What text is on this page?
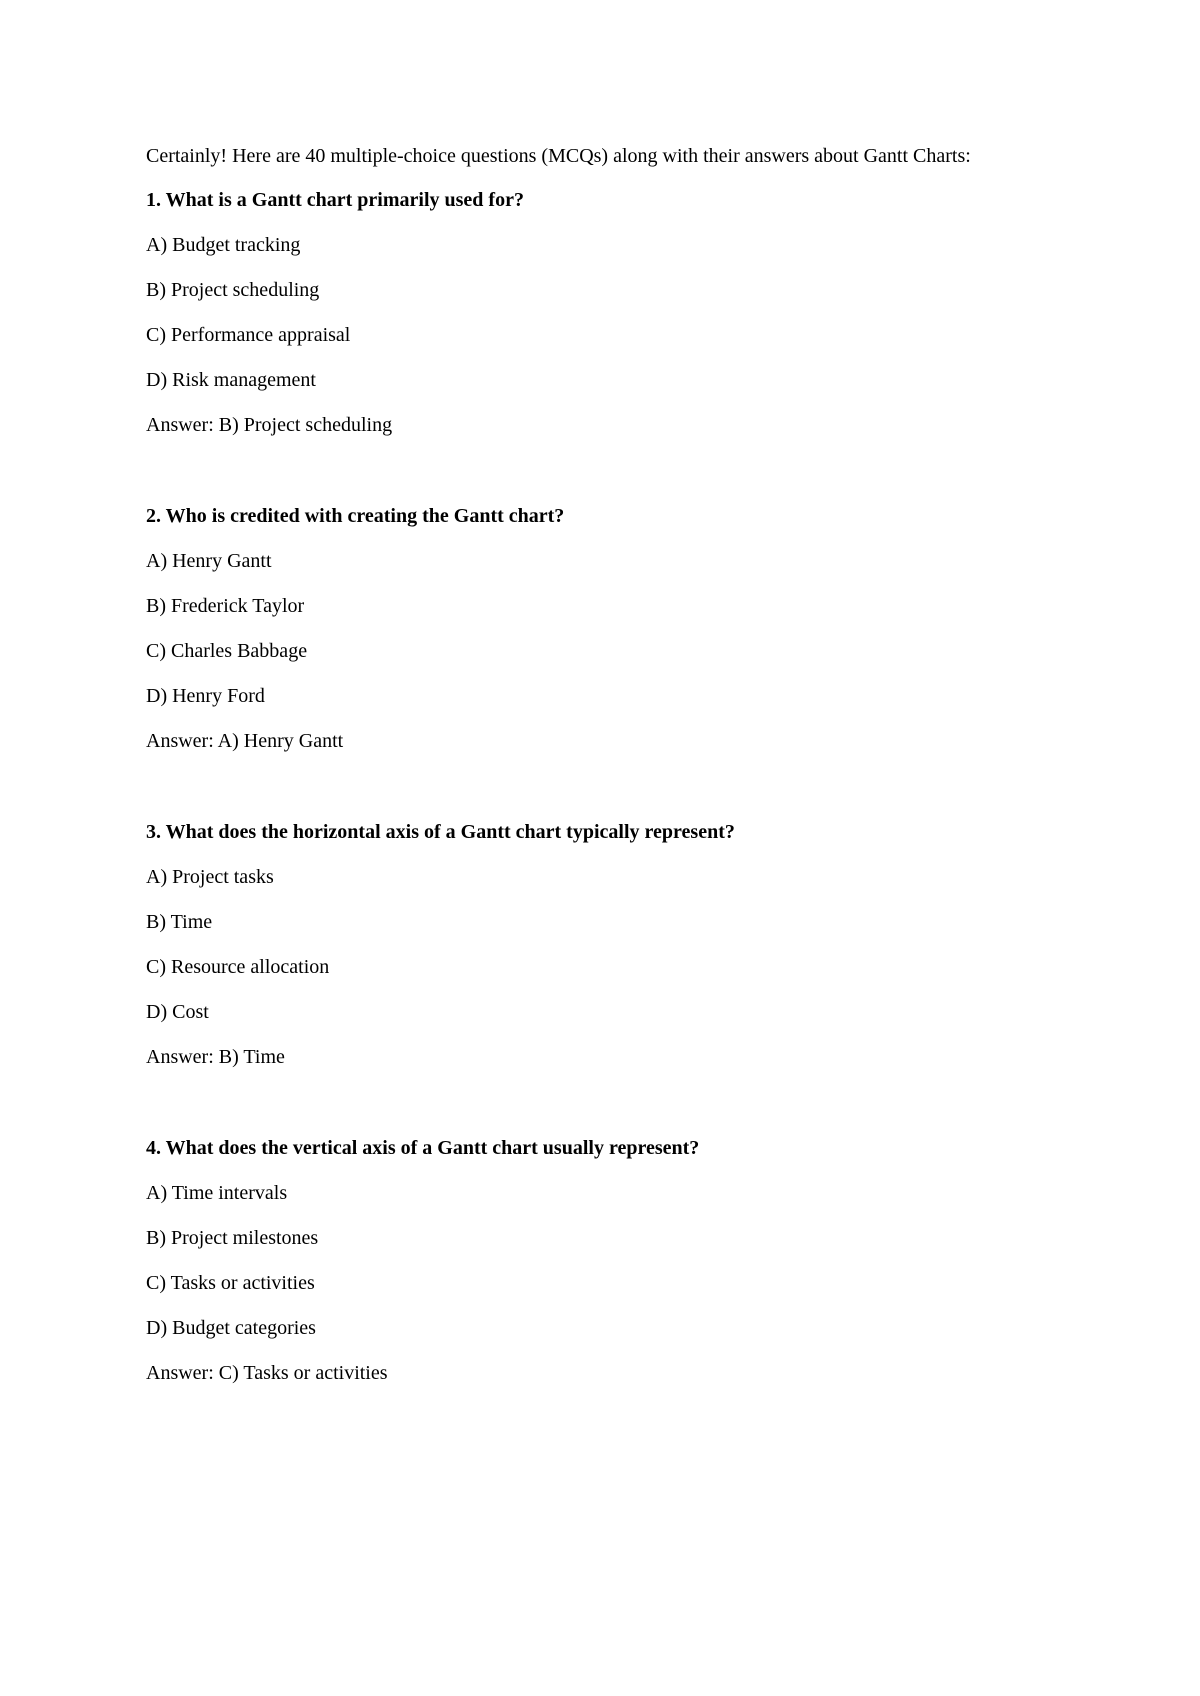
Certainly! Here are 40 multiple-choice questions (MCQs) along with their answers about Gantt Charts:

1. What is a Gantt chart primarily used for?

A) Budget tracking

B) Project scheduling

C) Performance appraisal

D) Risk management

Answer: B) Project scheduling

2. Who is credited with creating the Gantt chart?

A) Henry Gantt

B) Frederick Taylor

C) Charles Babbage

D) Henry Ford

Answer: A) Henry Gantt

3. What does the horizontal axis of a Gantt chart typically represent?

A) Project tasks

B) Time

C) Resource allocation

D) Cost

Answer: B) Time

4. What does the vertical axis of a Gantt chart usually represent?

A) Time intervals

B) Project milestones

C) Tasks or activities

D) Budget categories

Answer: C) Tasks or activities
